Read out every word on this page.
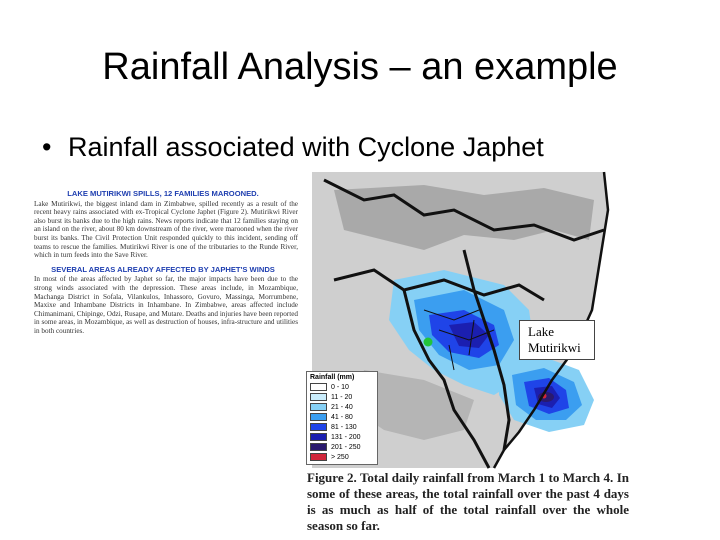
Rainfall Analysis – an example
• Rainfall associated with Cyclone Japhet
LAKE MUTIRIKWI SPILLS, 12 FAMILIES MAROONED.
Lake Mutirikwi, the biggest inland dam in Zimbabwe, spilled recently as a result of the recent heavy rains associated with ex-Tropical Cyclone Japhet (Figure 2). Mutirikwi River also burst its banks due to the high rains. News reports indicate that 12 families staying on an island on the river, about 80 km downstream of the river, were marooned when the river burst its banks. The Civil Protection Unit responded quickly to this incident, sending off teams to rescue the families. Mutirikwi River is one of the tributaries to the Runde River, which in turn feeds into the Save River.
SEVERAL AREAS ALREADY AFFECTED BY JAPHET'S WINDS
In most of the areas affected by Japhet so far, the major impacts have been due to the strong winds associated with the depression. These areas include, in Mozambique, Machanga District in Sofala, Vilankulos, Inhassoro, Govuro, Massinga, Morrumbene, Maxixe and Inhambane Districts in Inhambane. In Zimbabwe, areas affected include Chimanimani, Chipinge, Odzi, Rusape, and Mutare. Deaths and injuries have been reported in some areas, in Mozambique, as well as destruction of houses, infra-structure and utilities in both countries.	Lake
Mutirikwi
Rainfall (mm)
0 - 10
11 - 20
21 - 40
41 - 80
81 - 130
131 - 200
201 - 250
> 250
Figure 2. Total daily rainfall from March 1 to March 4. In some of these areas, the total rainfall over the past 4 days is as much as half of the total rainfall over the whole season so far.
